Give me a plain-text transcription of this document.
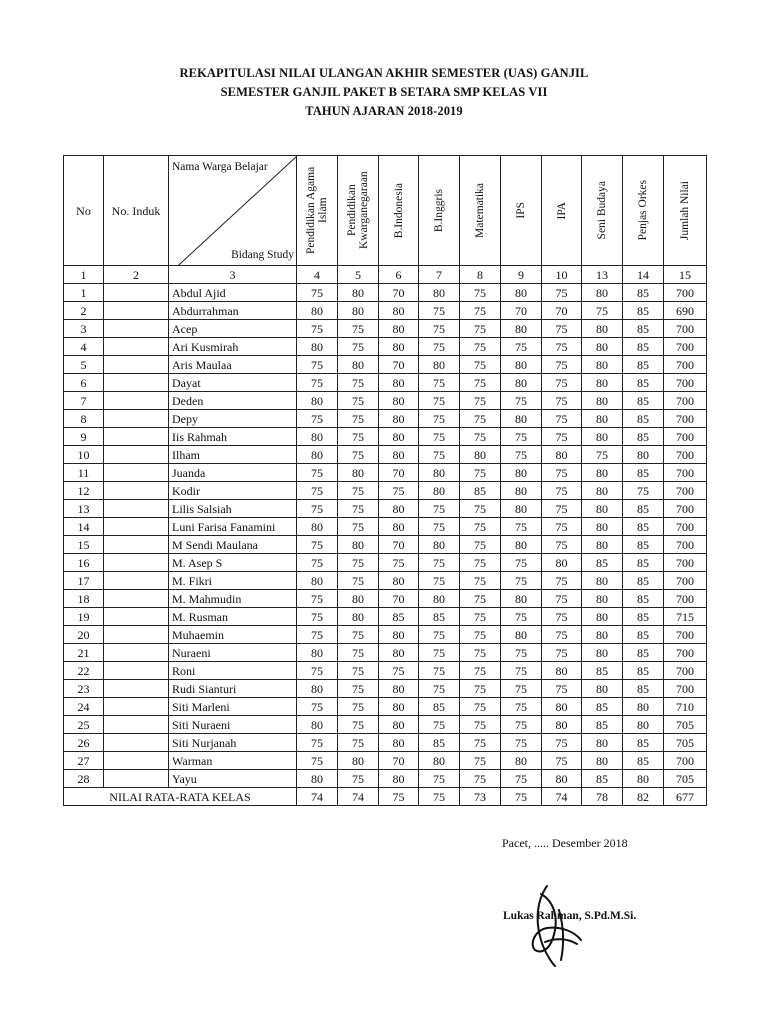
REKAPITULASI NILAI ULANGAN AKHIR SEMESTER (UAS) GANJIL
SEMESTER GANJIL PAKET B SETARA SMP KELAS VII
TAHUN AJARAN 2018-2019
No	No. Induk	Nama Warga Belajar
Bidang Study	Pendidikan Agama Islam	Pendidikan Kwarganegaraan	B.Indonesia	B.Inggris	Matematika	IPS	IPA	Seni Budaya	Penjas Orkes	Jumlah Nilai

1	2	3	4	5	6	7	8	9	10	13	14	15
1		Abdul Ajid	75	80	70	80	75	80	75	80	85	700
2		Abdurrahman	80	80	80	75	75	70	70	75	85	690
3		Acep	75	75	80	75	75	80	75	80	85	700
4		Ari Kusmirah	80	75	80	75	75	75	75	80	85	700
5		Aris Maulaa	75	80	70	80	75	80	75	80	85	700
6		Dayat	75	75	80	75	75	80	75	80	85	700
7		Deden	80	75	80	75	75	75	75	80	85	700
8		Depy	75	75	80	75	75	80	75	80	85	700
9		Iis Rahmah	80	75	80	75	75	75	75	80	85	700
10		Ilham	80	75	80	75	80	75	80	75	80	700
11		Juanda	75	80	70	80	75	80	75	80	85	700
12		Kodir	75	75	75	80	85	80	75	80	75	700
13		Lilis Salsiah	75	75	80	75	75	80	75	80	85	700
14		Luni Farisa Fanamini	80	75	80	75	75	75	75	80	85	700
15		M Sendi Maulana	75	80	70	80	75	80	75	80	85	700
16		M. Asep S	75	75	75	75	75	75	80	85	85	700
17		M. Fikri	80	75	80	75	75	75	75	80	85	700
18		M. Mahmudin	75	80	70	80	75	80	75	80	85	700
19		M. Rusman	75	80	85	85	75	75	75	80	85	715
20		Muhaemin	75	75	80	75	75	80	75	80	85	700
21		Nuraeni	80	75	80	75	75	75	75	80	85	700
22		Roni	75	75	75	75	75	75	80	85	85	700
23		Rudi Sianturi	80	75	80	75	75	75	75	80	85	700
24		Siti Marleni	75	75	80	85	75	75	80	85	80	710
25		Siti Nuraeni	80	75	80	75	75	75	80	85	80	705
26		Siti Nurjanah	75	75	80	85	75	75	75	80	85	705
27		Warman	75	80	70	80	75	80	75	80	85	700
28		Yayu	80	75	80	75	75	75	80	85	80	705
NILAI RATA-RATA KELAS			74	74	75	75	73	75	74	78	82	677
Pacet, ..... Desember 2018
Lukas Rahman, S.Pd.M.Si.
